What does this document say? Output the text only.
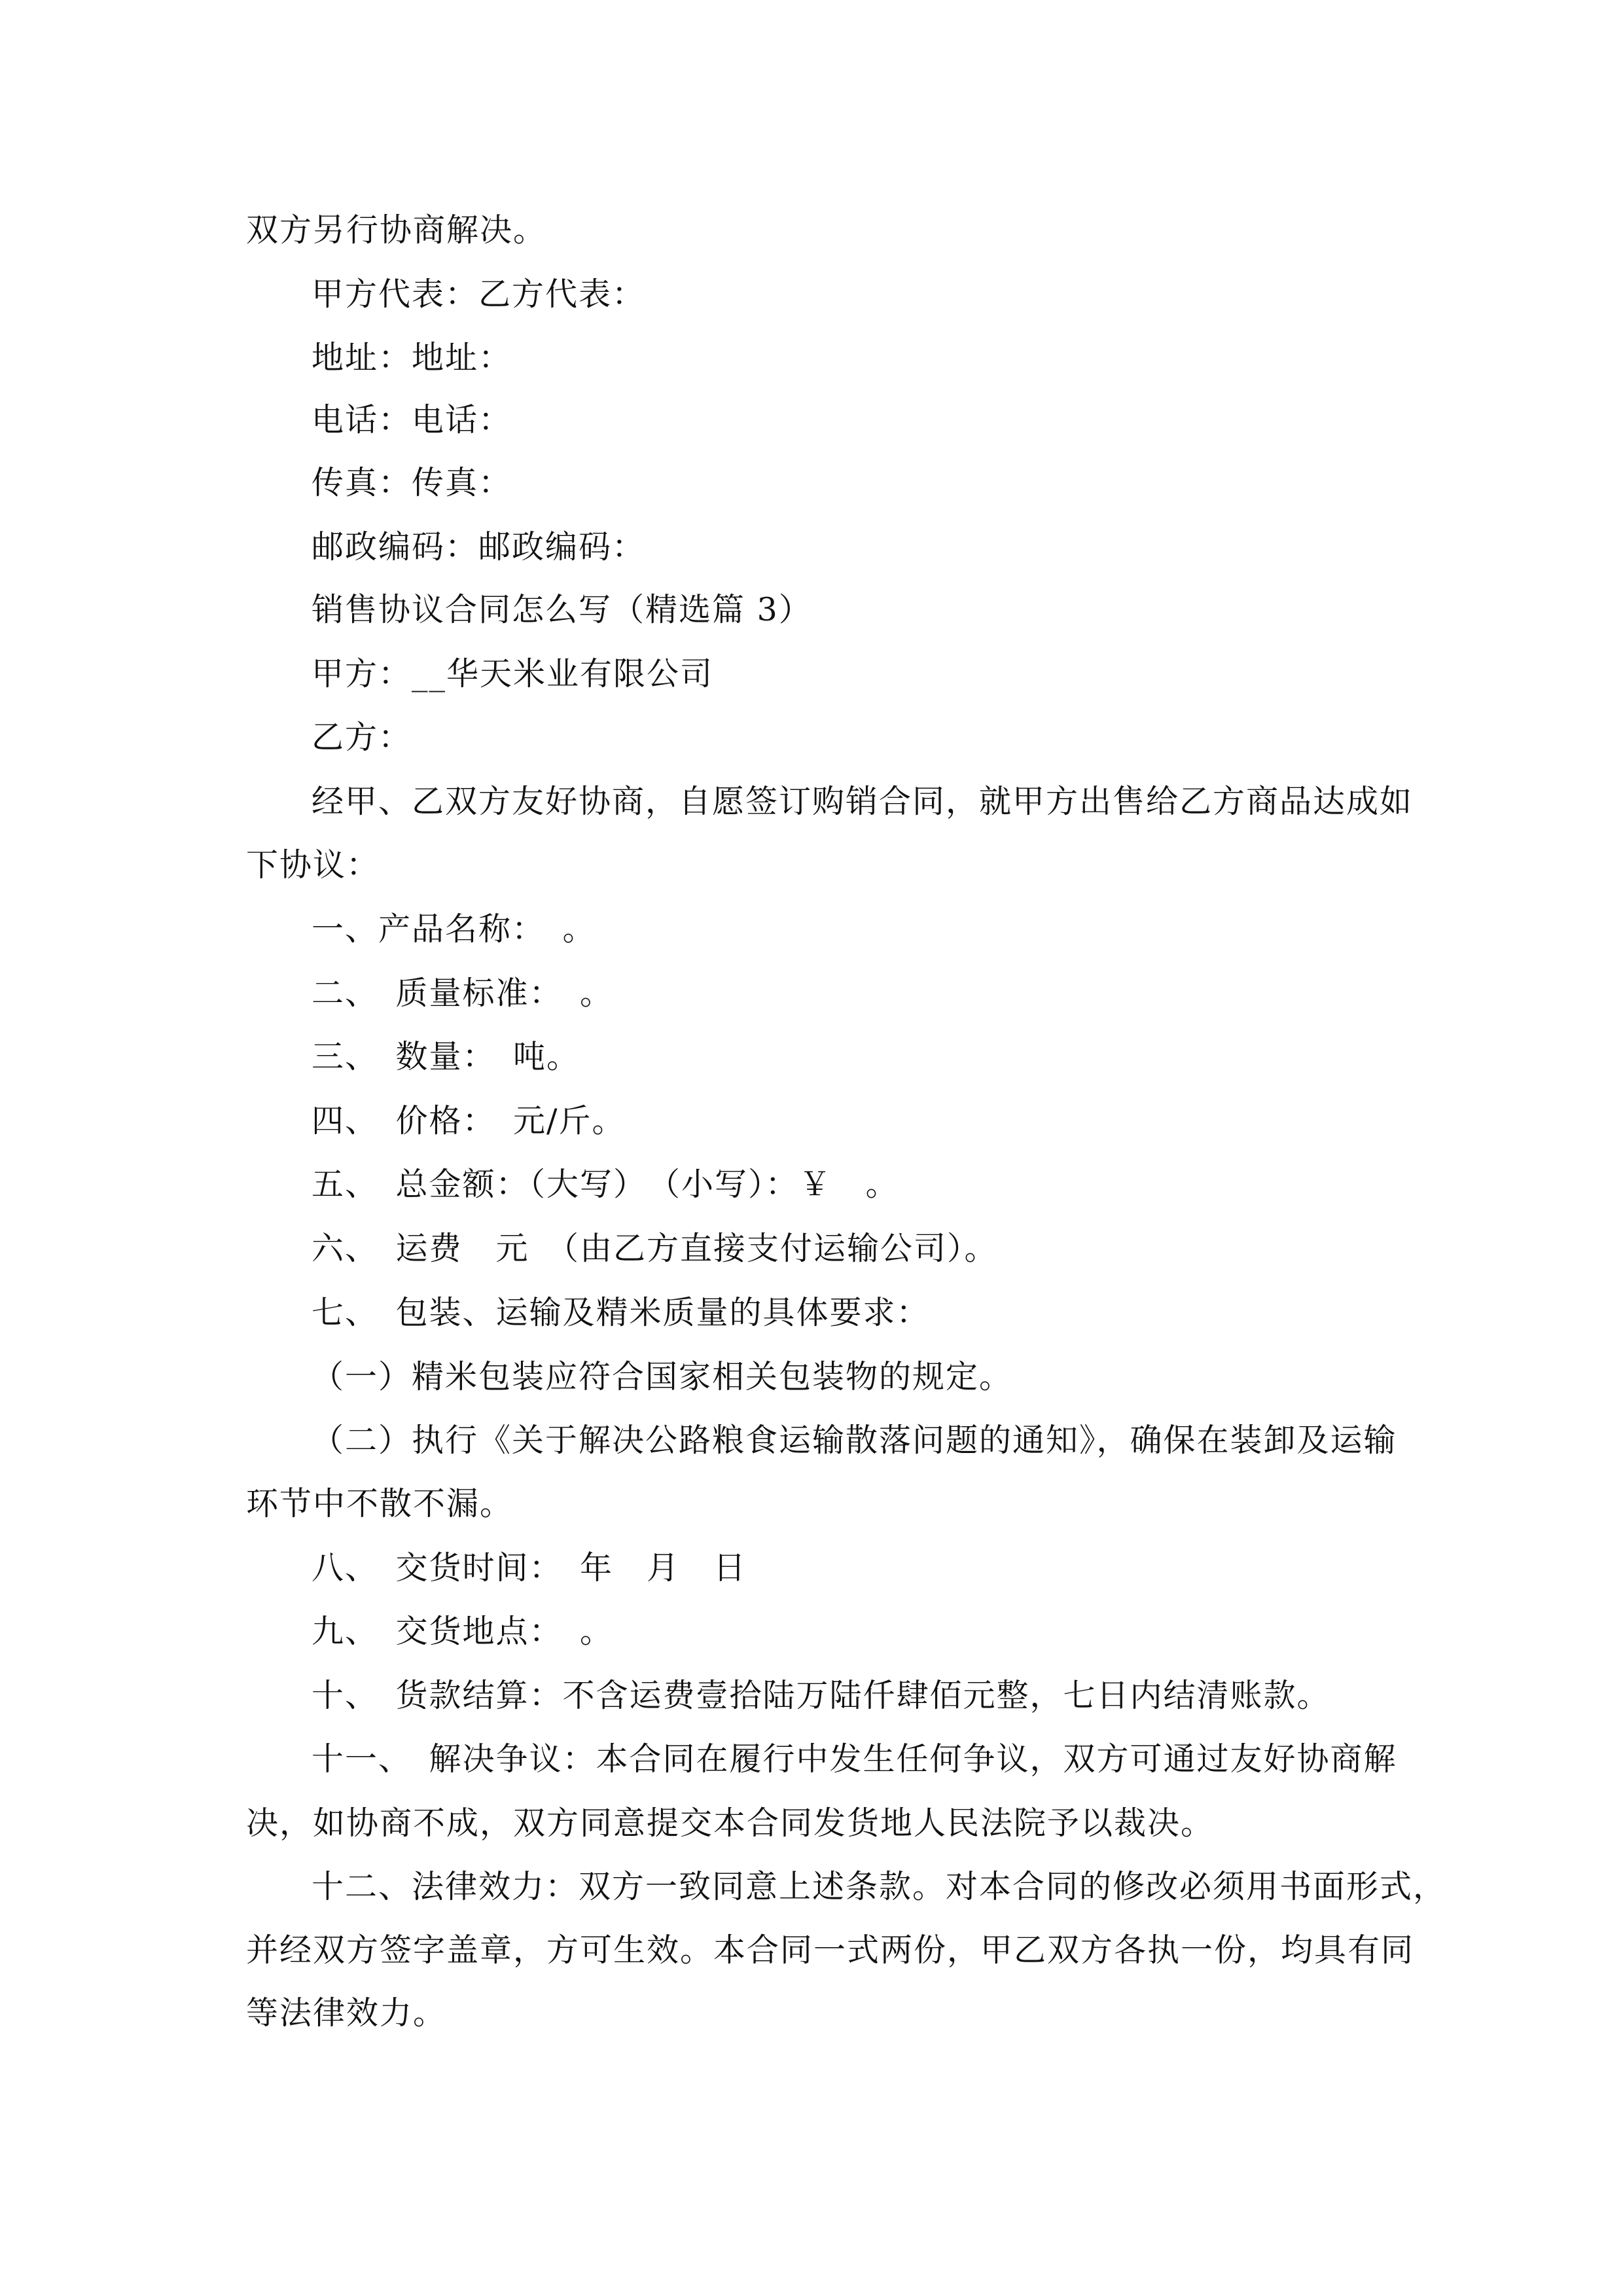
双方另行协商解决。
甲方代表：乙方代表：
地址：地址：
电话：电话：
传真：传真：
邮政编码：邮政编码：
销售协议合同怎么写（精选篇 3）
甲方：__华天米业有限公司
乙方：
经甲、乙双方友好协商，自愿签订购销合同，就甲方出售给乙方商品达成如
下协议：
一、产品名称：　。
二、　质量标准：　。
三、　数量：　吨。
四、　价格：　元/斤。
五、　总金额：（大写）　（小写）：￥　。
六、　运费　元　（由乙方直接支付运输公司）。
七、　包装、运输及精米质量的具体要求：
（一）精米包装应符合国家相关包装物的规定。
（二）执行《关于解决公路粮食运输散落问题的通知》，确保在装卸及运输
环节中不散不漏。
八、　交货时间：　年　月　日
九、　交货地点：　。
十、　货款结算：不含运费壹拾陆万陆仟肆佰元整，七日内结清账款。
十一、　解决争议：本合同在履行中发生任何争议，双方可通过友好协商解
决，如协商不成，双方同意提交本合同发货地人民法院予以裁决。
十二、法律效力：双方一致同意上述条款。对本合同的修改必须用书面形式，
并经双方签字盖章，方可生效。本合同一式两份，甲乙双方各执一份，均具有同
等法律效力。
